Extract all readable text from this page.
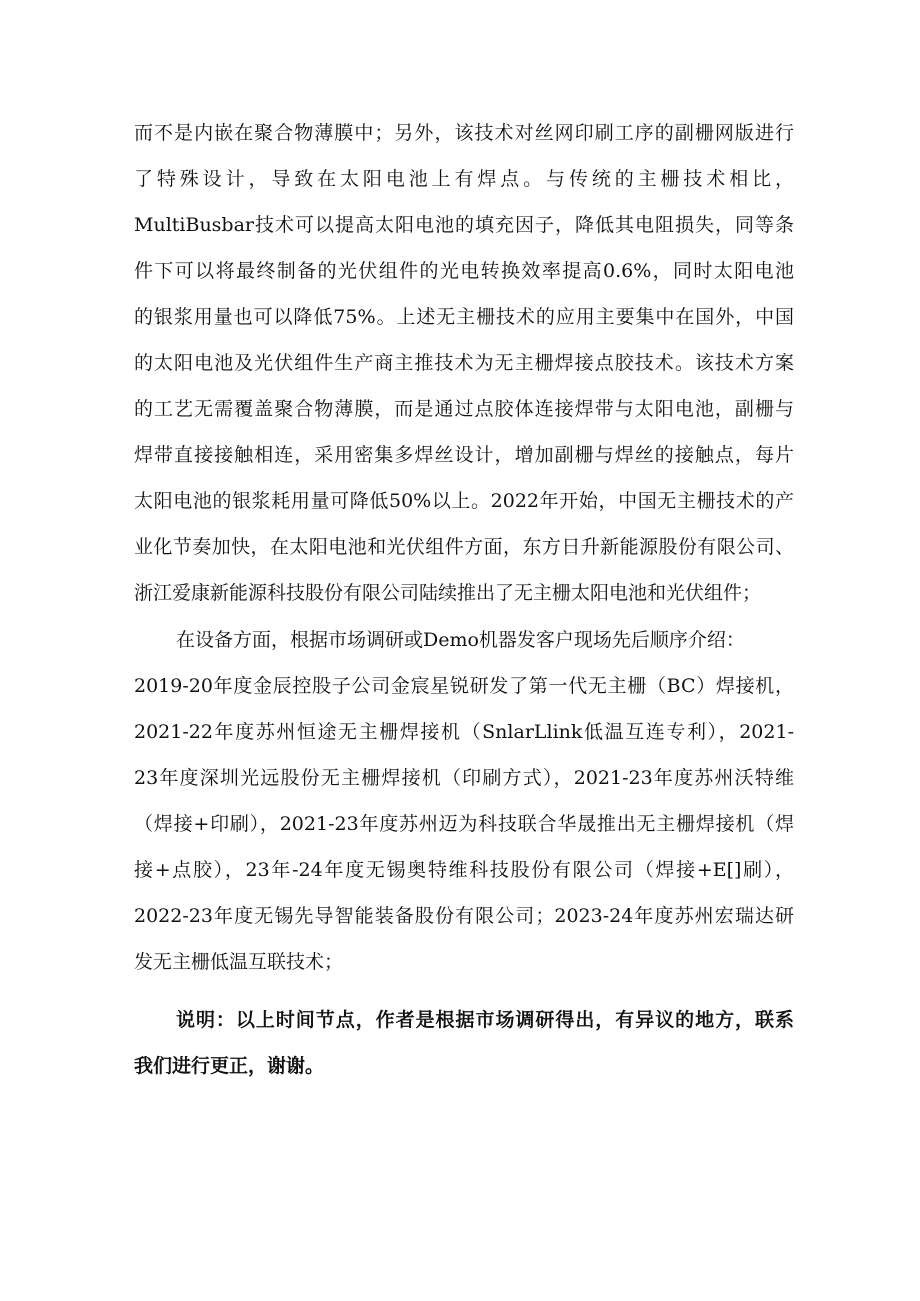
而不是内嵌在聚合物薄膜中；另外，该技术对丝网印刷工序的副栅网版进行
了特殊设计，导致在太阳电池上有焊点。与传统的主栅技术相比，
MultiBusbar技术可以提高太阳电池的填充因子，降低其电阻损失，同等条
件下可以将最终制备的光伏组件的光电转换效率提高0.6%，同时太阳电池
的银浆用量也可以降低75%。上述无主栅技术的应用主要集中在国外，中国
的太阳电池及光伏组件生产商主推技术为无主栅焊接点胶技术。该技术方案
的工艺无需覆盖聚合物薄膜，而是通过点胶体连接焊带与太阳电池，副栅与
焊带直接接触相连，采用密集多焊丝设计，增加副栅与焊丝的接触点，每片
太阳电池的银浆耗用量可降低50%以上。2022年开始，中国无主栅技术的产
业化节奏加快，在太阳电池和光伏组件方面，东方日升新能源股份有限公司、
浙江爱康新能源科技股份有限公司陆续推出了无主栅太阳电池和光伏组件；
在设备方面，根据市场调研或Demo机器发客户现场先后顺序介绍：
2019-20年度金辰控股子公司金宸星锐研发了第一代无主栅（BC）焊接机，
2021-22年度苏州恒途无主栅焊接机（SnlarLlink低温互连专利），2021-
23年度深圳光远股份无主栅焊接机（印刷方式），2021-23年度苏州沃特维
（焊接+印刷），2021-23年度苏州迈为科技联合华晟推出无主栅焊接机（焊
接+点胶），23年-24年度无锡奥特维科技股份有限公司（焊接+E[]刷），
2022-23年度无锡先导智能装备股份有限公司；2023-24年度苏州宏瑞达研
发无主栅低温互联技术；
说明：以上时间节点，作者是根据市场调研得出，有异议的地方，联系
我们进行更正，谢谢。
